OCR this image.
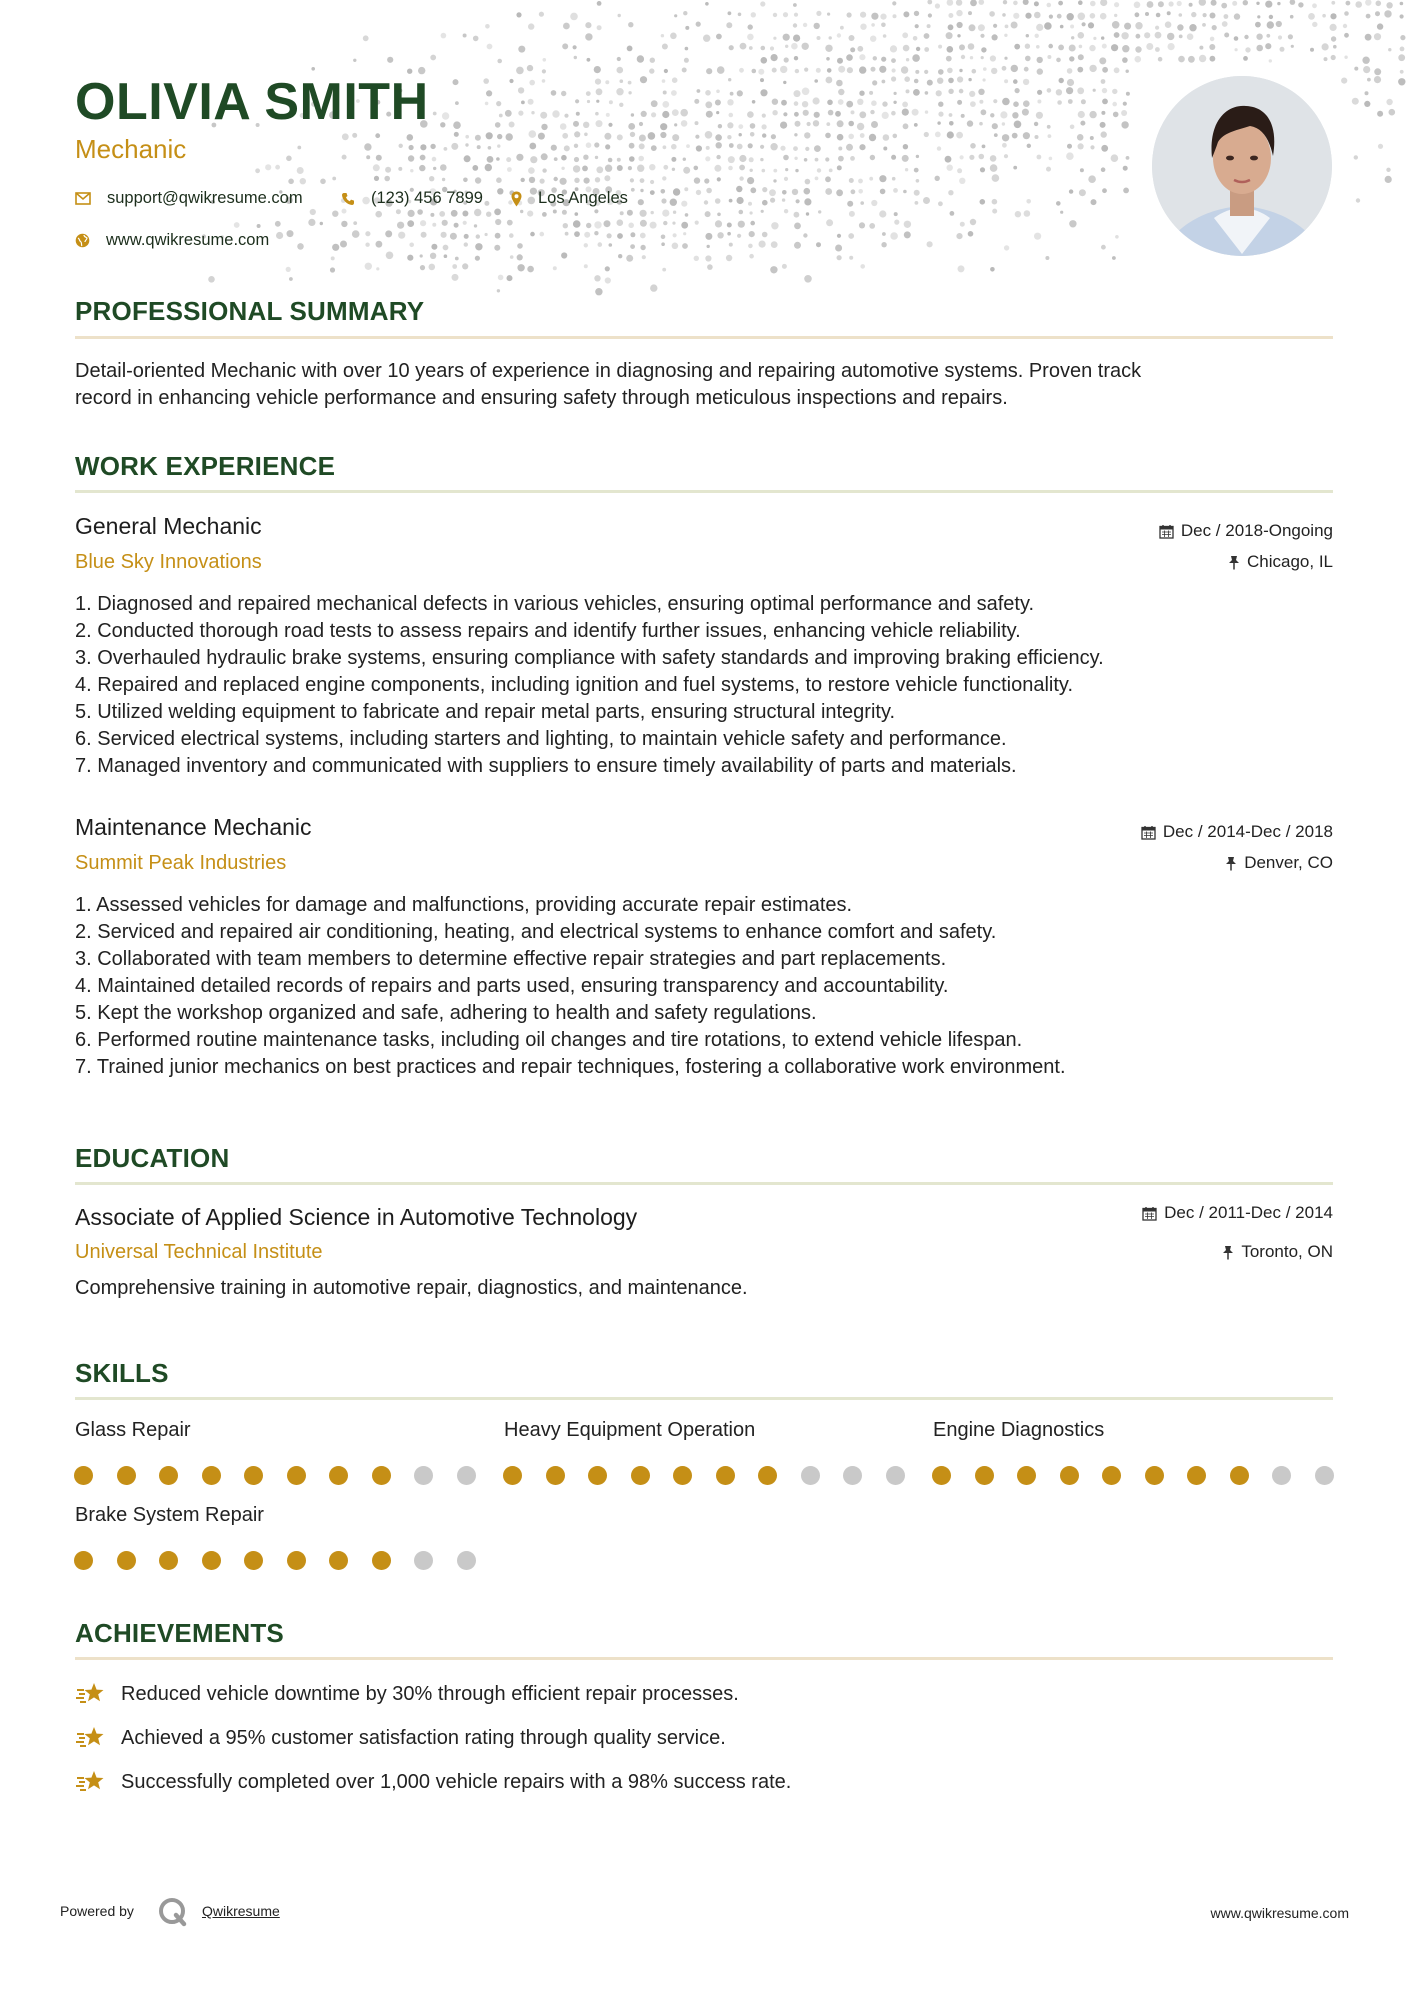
OLIVIA SMITH
Mechanic
support@qwikresume.com	(123) 456 7899	Los Angeles
www.qwikresume.com
PROFESSIONAL SUMMARY
Detail-oriented Mechanic with over 10 years of experience in diagnosing and repairing automotive systems. Proven track
record in enhancing vehicle performance and ensuring safety through meticulous inspections and repairs.
WORK EXPERIENCE
General Mechanic
Blue Sky Innovations
Dec / 2018-Ongoing
Chicago, IL
1. Diagnosed and repaired mechanical defects in various vehicles, ensuring optimal performance and safety.
2. Conducted thorough road tests to assess repairs and identify further issues, enhancing vehicle reliability.
3. Overhauled hydraulic brake systems, ensuring compliance with safety standards and improving braking efficiency.
4. Repaired and replaced engine components, including ignition and fuel systems, to restore vehicle functionality.
5. Utilized welding equipment to fabricate and repair metal parts, ensuring structural integrity.
6. Serviced electrical systems, including starters and lighting, to maintain vehicle safety and performance.
7. Managed inventory and communicated with suppliers to ensure timely availability of parts and materials.
Maintenance Mechanic
Summit Peak Industries
Dec / 2014-Dec / 2018
Denver, CO
1. Assessed vehicles for damage and malfunctions, providing accurate repair estimates.
2. Serviced and repaired air conditioning, heating, and electrical systems to enhance comfort and safety.
3. Collaborated with team members to determine effective repair strategies and part replacements.
4. Maintained detailed records of repairs and parts used, ensuring transparency and accountability.
5. Kept the workshop organized and safe, adhering to health and safety regulations.
6. Performed routine maintenance tasks, including oil changes and tire rotations, to extend vehicle lifespan.
7. Trained junior mechanics on best practices and repair techniques, fostering a collaborative work environment.
EDUCATION
Associate of Applied Science in Automotive Technology
Universal Technical Institute
Dec / 2011-Dec / 2014
Toronto, ON
Comprehensive training in automotive repair, diagnostics, and maintenance.
SKILLS
Glass Repair	Heavy Equipment Operation	Engine Diagnostics
Brake System Repair
ACHIEVEMENTS
Reduced vehicle downtime by 30% through efficient repair processes.
Achieved a 95% customer satisfaction rating through quality service.
Successfully completed over 1,000 vehicle repairs with a 98% success rate.
Powered by	Qwikresume	www.qwikresume.com
